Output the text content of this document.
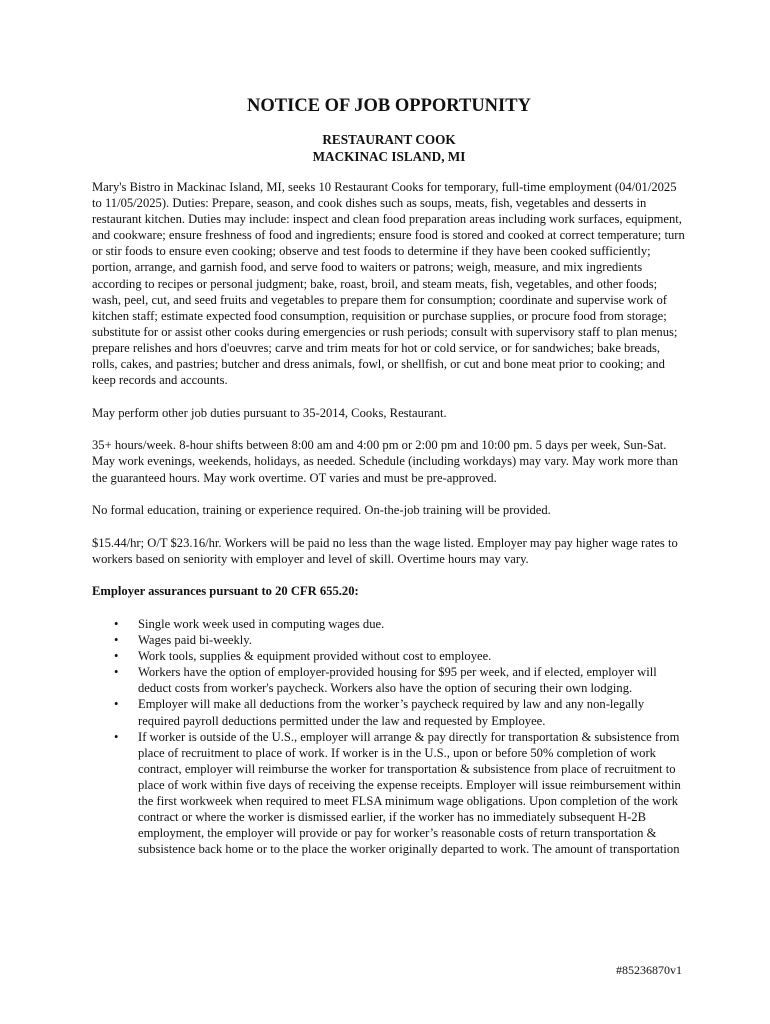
NOTICE OF JOB OPPORTUNITY
RESTAURANT COOK
MACKINAC ISLAND, MI

Mary's Bistro in Mackinac Island, MI, seeks 10 Restaurant Cooks for temporary, full-time employment (04/01/2025 to 11/05/2025). Duties: Prepare, season, and cook dishes such as soups, meats, fish, vegetables and desserts in restaurant kitchen. Duties may include: inspect and clean food preparation areas including work surfaces, equipment, and cookware; ensure freshness of food and ingredients; ensure food is stored and cooked at correct temperature; turn or stir foods to ensure even cooking; observe and test foods to determine if they have been cooked sufficiently; portion, arrange, and garnish food, and serve food to waiters or patrons; weigh, measure, and mix ingredients according to recipes or personal judgment; bake, roast, broil, and steam meats, fish, vegetables, and other foods; wash, peel, cut, and seed fruits and vegetables to prepare them for consumption; coordinate and supervise work of kitchen staff; estimate expected food consumption, requisition or purchase supplies, or procure food from storage; substitute for or assist other cooks during emergencies or rush periods; consult with supervisory staff to plan menus; prepare relishes and hors d'oeuvres; carve and trim meats for hot or cold service, or for sandwiches; bake breads, rolls, cakes, and pastries; butcher and dress animals, fowl, or shellfish, or cut and bone meat prior to cooking; and keep records and accounts.

May perform other job duties pursuant to 35-2014, Cooks, Restaurant.

35+ hours/week. 8-hour shifts between 8:00 am and 4:00 pm or 2:00 pm and 10:00 pm. 5 days per week, Sun-Sat. May work evenings, weekends, holidays, as needed. Schedule (including workdays) may vary. May work more than the guaranteed hours. May work overtime. OT varies and must be pre-approved.

No formal education, training or experience required. On-the-job training will be provided.

$15.44/hr; O/T $23.16/hr. Workers will be paid no less than the wage listed. Employer may pay higher wage rates to workers based on seniority with employer and level of skill. Overtime hours may vary.

Employer assurances pursuant to 20 CFR 655.20:

• Single work week used in computing wages due.
• Wages paid bi-weekly.
• Work tools, supplies & equipment provided without cost to employee.
• Workers have the option of employer-provided housing for $95 per week, and if elected, employer will deduct costs from worker's paycheck. Workers also have the option of securing their own lodging.
• Employer will make all deductions from the worker’s paycheck required by law and any non-legally required payroll deductions permitted under the law and requested by Employee.
• If worker is outside of the U.S., employer will arrange & pay directly for transportation & subsistence from place of recruitment to place of work. If worker is in the U.S., upon or before 50% completion of work contract, employer will reimburse the worker for transportation & subsistence from place of recruitment to place of work within five days of receiving the expense receipts. Employer will issue reimbursement within the first workweek when required to meet FLSA minimum wage obligations. Upon completion of the work contract or where the worker is dismissed earlier, if the worker has no immediately subsequent H-2B employment, the employer will provide or pay for worker’s reasonable costs of return transportation & subsistence back home or to the place the worker originally departed to work. The amount of transportation
#85236870v1
